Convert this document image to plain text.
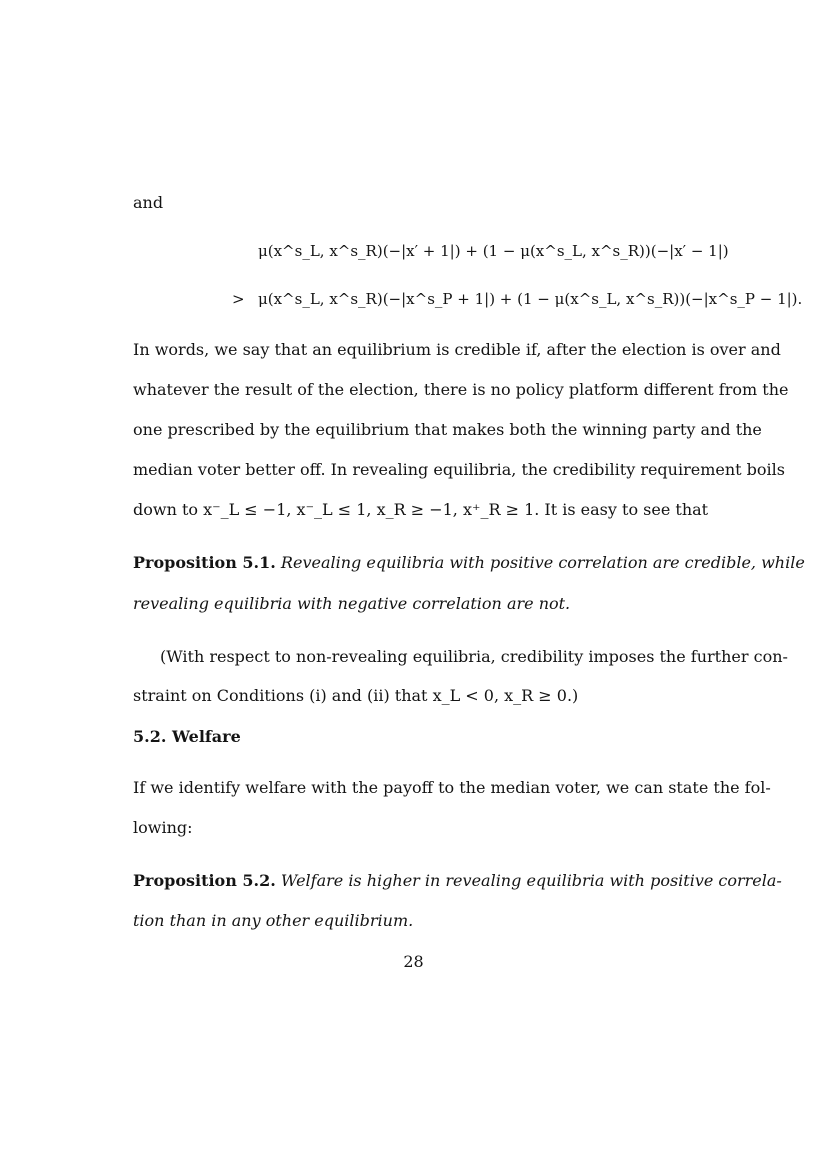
and
μ(x^s_L, x^s_R)(−|x′ + 1|) + (1 − μ(x^s_L, x^s_R))(−|x′ − 1|)
> μ(x^s_L, x^s_R)(−|x^s_P + 1|) + (1 − μ(x^s_L, x^s_R))(−|x^s_P − 1|).
In words, we say that an equilibrium is credible if, after the election is over and
whatever the result of the election, there is no policy platform different from the
one prescribed by the equilibrium that makes both the winning party and the
median voter better off. In revealing equilibria, the credibility requirement boils
down to x⁻_L ≤ −1, x⁻_L ≤ 1, x_R ≥ −1, x⁺_R ≥ 1. It is easy to see that
Proposition 5.1. Revealing equilibria with positive correlation are credible, while
revealing equilibria with negative correlation are not.
(With respect to non-revealing equilibria, credibility imposes the further con-
straint on Conditions (i) and (ii) that x_L < 0, x_R ≥ 0.)
5.2. Welfare
If we identify welfare with the payoff to the median voter, we can state the fol-
lowing:
Proposition 5.2. Welfare is higher in revealing equilibria with positive correla-
tion than in any other equilibrium.
28
